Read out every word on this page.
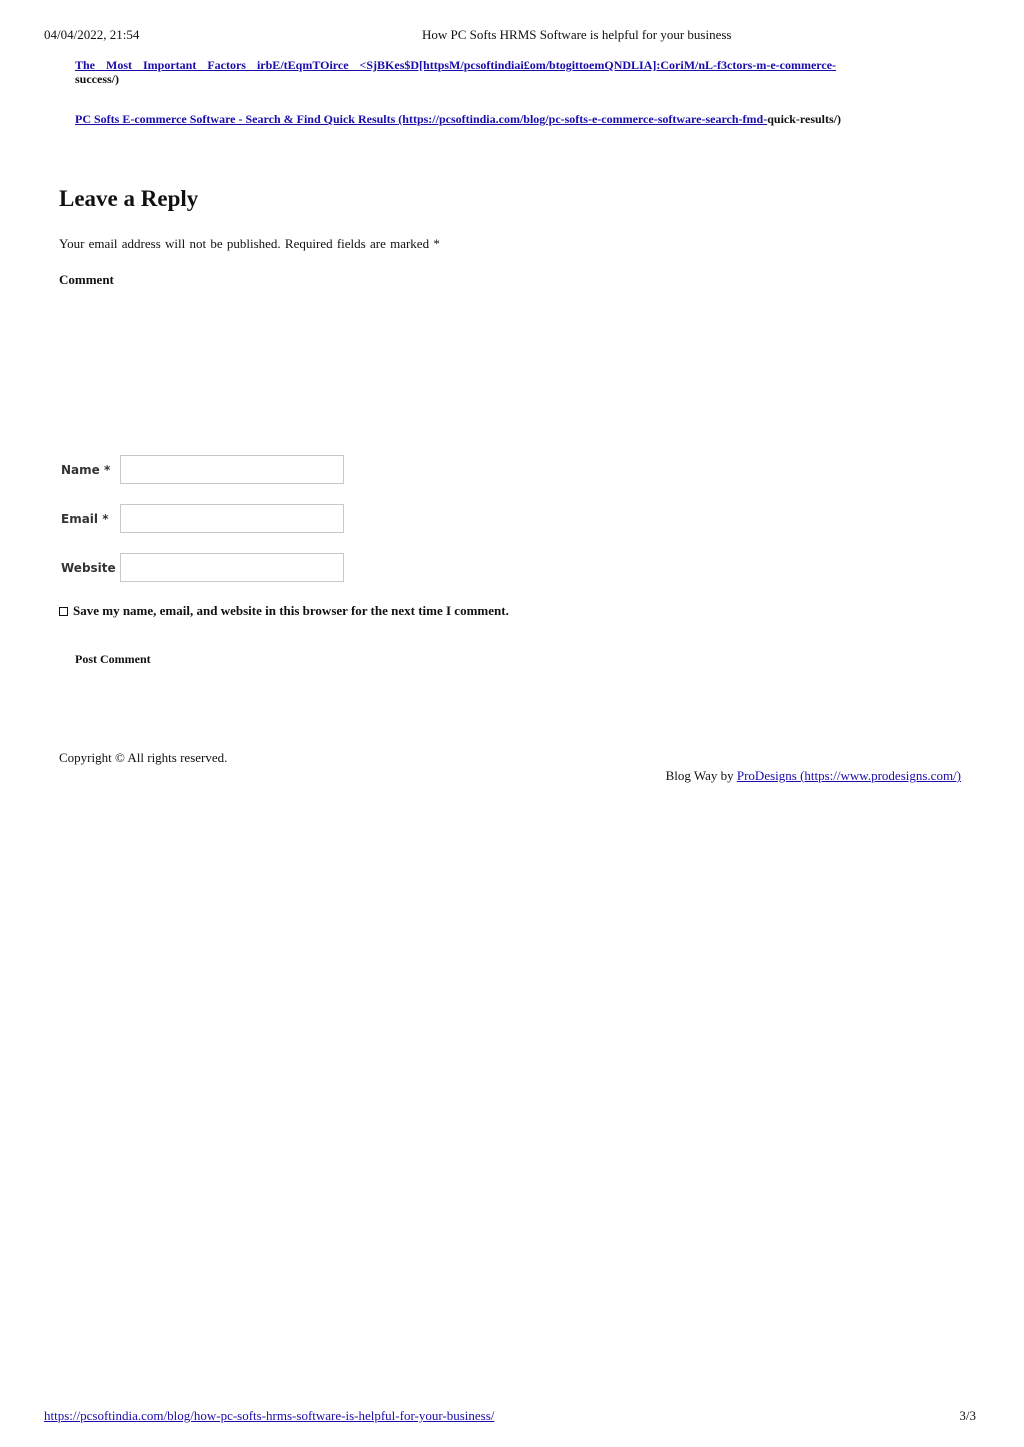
04/04/2022, 21:54	How PC Softs HRMS Software is helpful for your business
The Most Important Factors irbE/tEqmTOirce <SjBKes$D[httpsM/pcsoftindiai£om/btogittoemQNDLIA]:CoriM/nL-f3ctors-m-e-commerce-
success/)
PC Softs E-commerce Software - Search & Find Quick Results (https://pcsoftindia.com/blog/pc-softs-e-commerce-software-search-fmd-quick-results/)
Leave a Reply
Your email address will not be published. Required fields are marked *
Comment
Name *
Email *
Website
Save my name, email, and website in this browser for the next time I comment.
Post Comment
Copyright © All rights reserved.
Blog Way by ProDesigns (https://www.prodesigns.com/)
https://pcsoftindia.com/blog/how-pc-softs-hrms-software-is-helpful-for-your-business/	3/3
